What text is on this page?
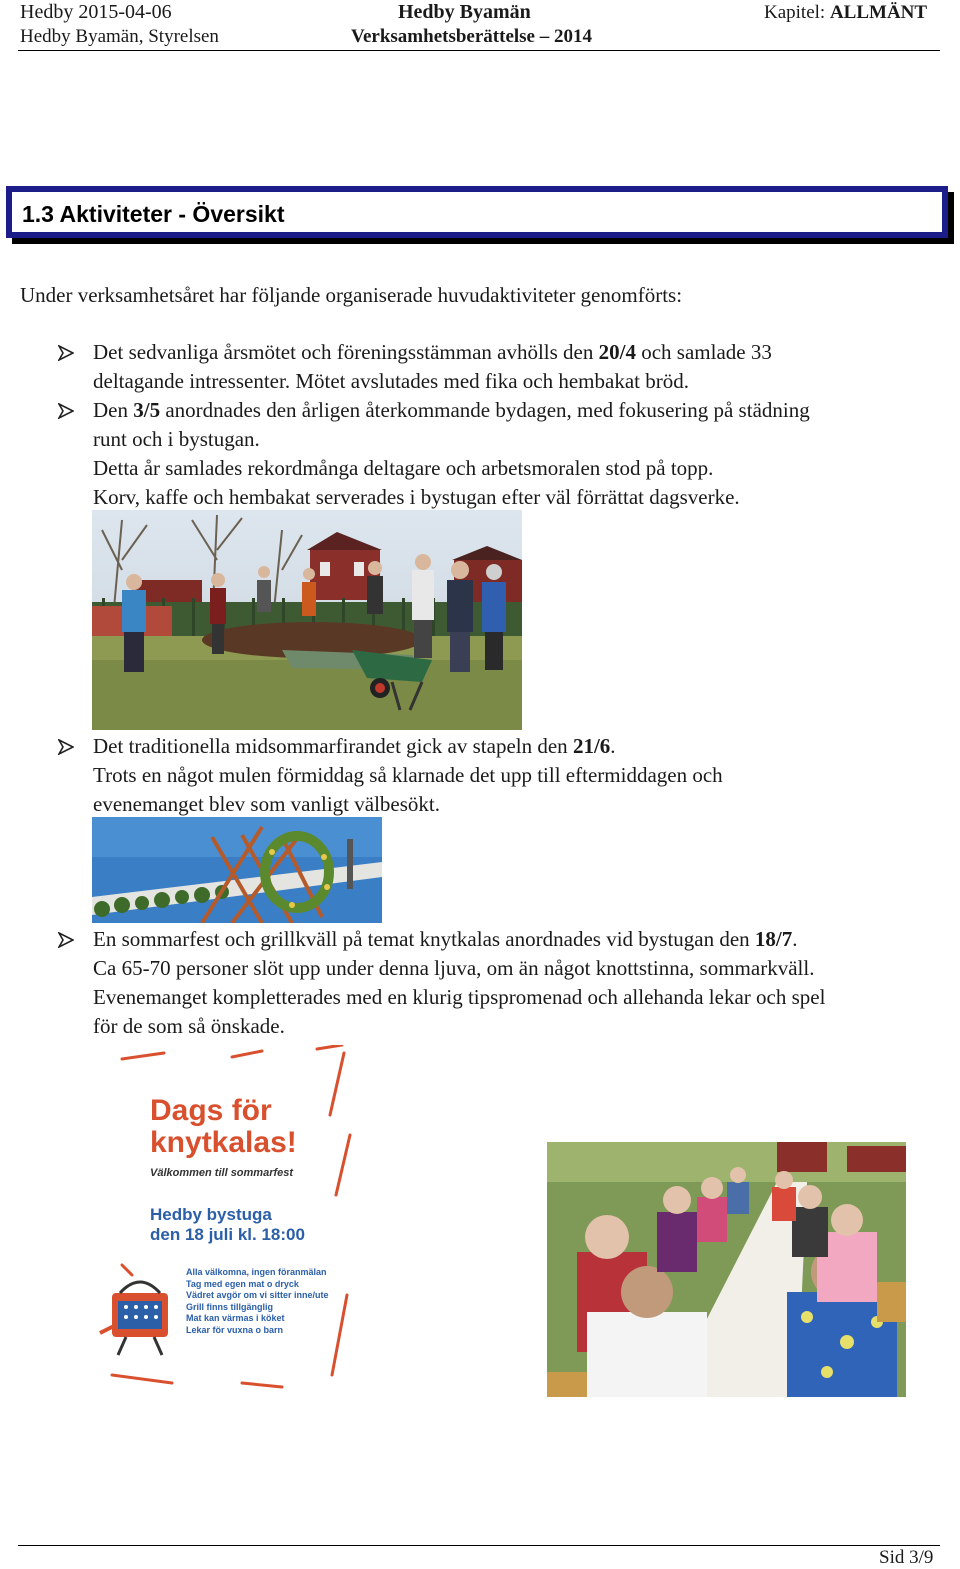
Hedby 2015-04-06
Hedby Byamän, Styrelsen
Hedby Byamän
Verksamhetsberättelse – 2014
Kapitel: ALLMÄNT
1.3 Aktiviteter - Översikt
Under verksamhetsåret har följande organiserade huvudaktiviteter genomförts:
Det sedvanliga årsmötet och föreningsstämman avhölls den 20/4 och samlade 33
deltagande intressenter. Mötet avslutades med fika och hembakat bröd.
Den 3/5 anordnades den årligen återkommande bydagen, med fokusering på städning
runt och i bystugan.
Detta år samlades rekordmånga deltagare och arbetsmoralen stod på topp.
Korv, kaffe och hembakat serverades i bystugan efter väl förrättat dagsverke.
Det traditionella midsommarfirandet gick av stapeln den 21/6.
Trots en något mulen förmiddag så klarnade det upp till eftermiddagen och
evenemanget blev som vanligt välbesökt.
En sommarfest och grillkväll på temat knytkalas anordnades vid bystugan den 18/7.
Ca 65-70 personer slöt upp under denna ljuva, om än något knottstinna, sommarkväll.
Evenemanget kompletterades med en klurig tipspromenad och allehanda lekar och spel
för de som så önskade.
Dags för
knytkalas!
Välkommen till sommarfest
Hedby bystuga
den 18 juli kl. 18:00
Alla välkomna, ingen föranmälan
Tag med egen mat o dryck
Vädret avgör om vi sitter inne/ute
Grill finns tillgänglig
Mat kan värmas i köket
Lekar för vuxna o barn
Sid 3/9
